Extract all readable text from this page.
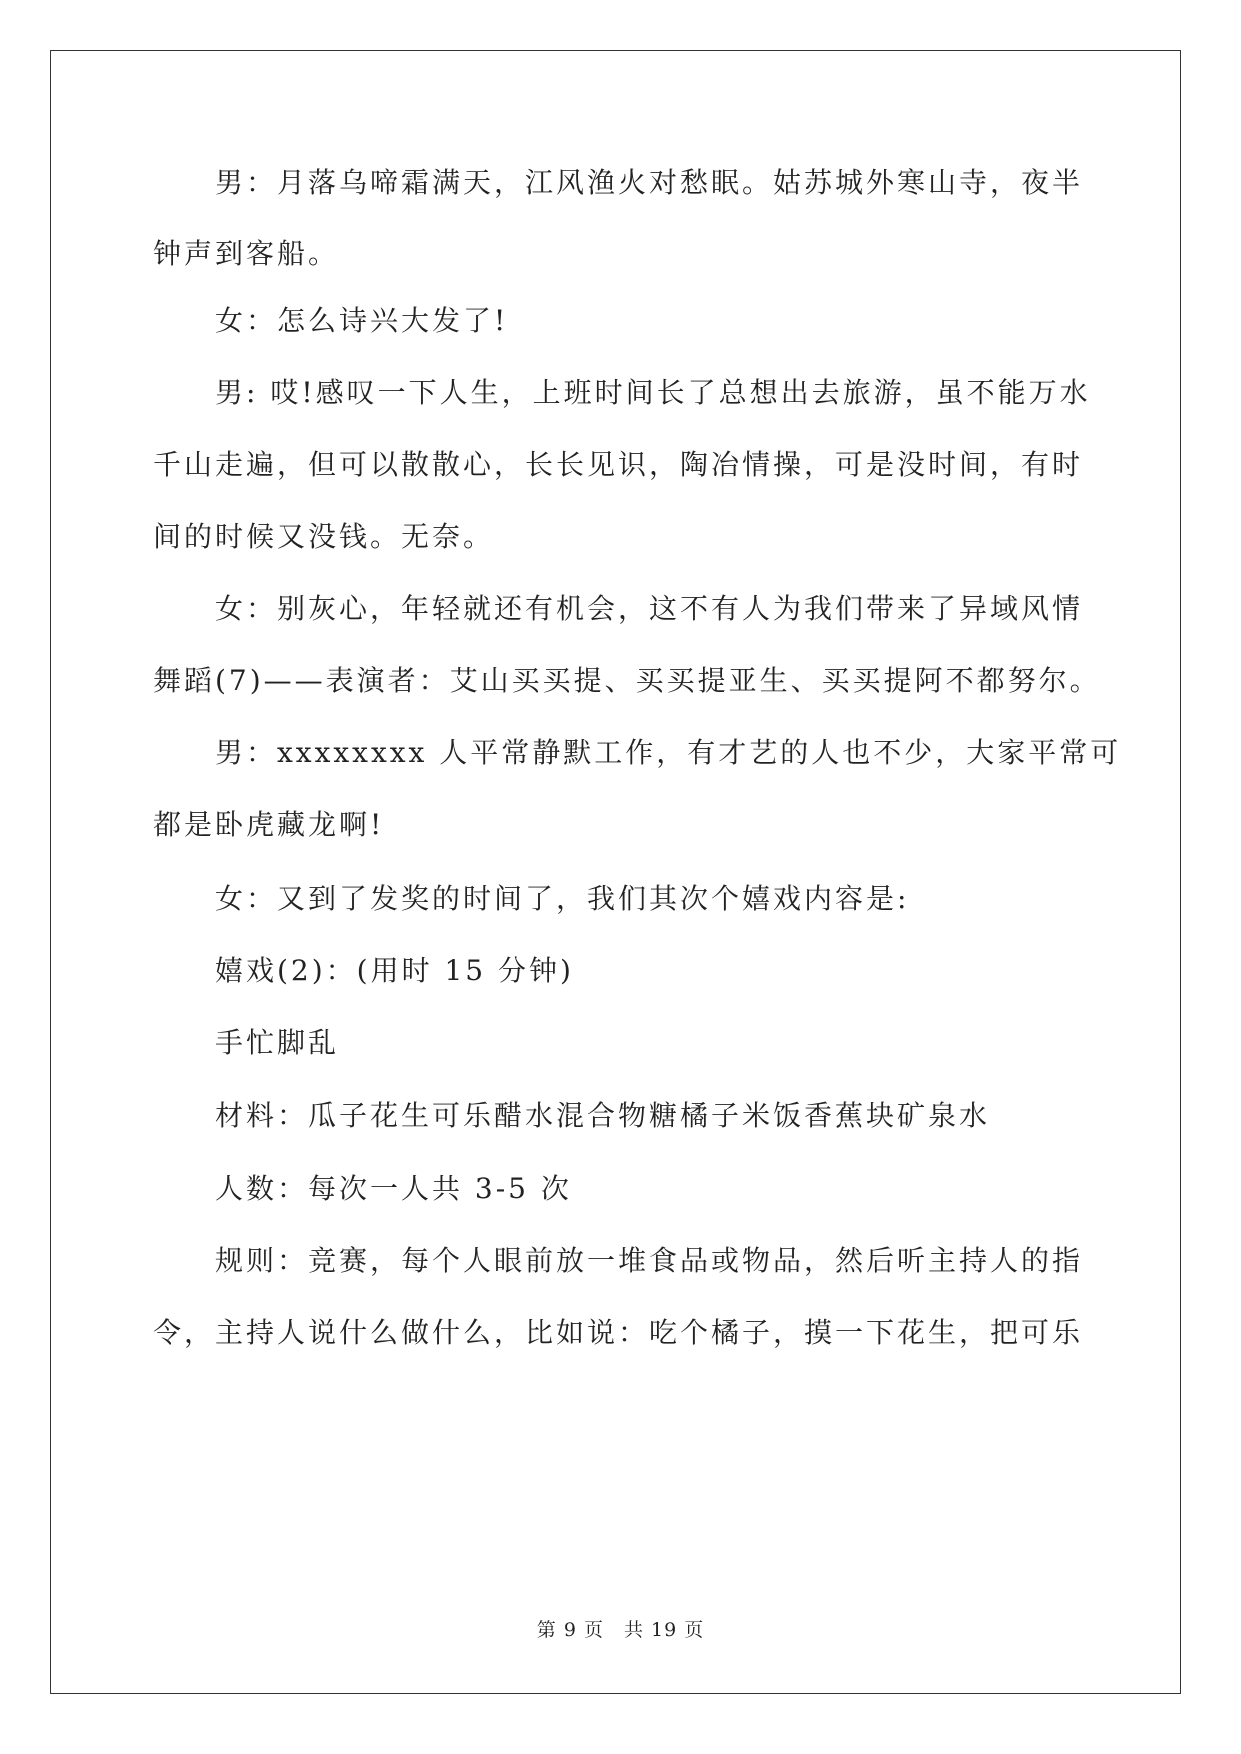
男：月落乌啼霜满天，江风渔火对愁眠。姑苏城外寒山寺，夜半
钟声到客船。
女：怎么诗兴大发了!
男: 哎!感叹一下人生，上班时间长了总想出去旅游，虽不能万水
千山走遍，但可以散散心，长长见识，陶冶情操，可是没时间，有时
间的时候又没钱。无奈。
女：别灰心，年轻就还有机会，这不有人为我们带来了异域风情
舞蹈(7)——表演者：艾山买买提、买买提亚生、买买提阿不都努尔。
男：xxxxxxxx 人平常静默工作，有才艺的人也不少，大家平常可
都是卧虎藏龙啊!
女：又到了发奖的时间了，我们其次个嬉戏内容是:
嬉戏(2)：(用时 15 分钟)
手忙脚乱
材料：瓜子花生可乐醋水混合物糖橘子米饭香蕉块矿泉水
人数：每次一人共 3-5 次
规则：竞赛，每个人眼前放一堆食品或物品，然后听主持人的指
令，主持人说什么做什么，比如说：吃个橘子，摸一下花生，把可乐
第 9 页 共 19 页
